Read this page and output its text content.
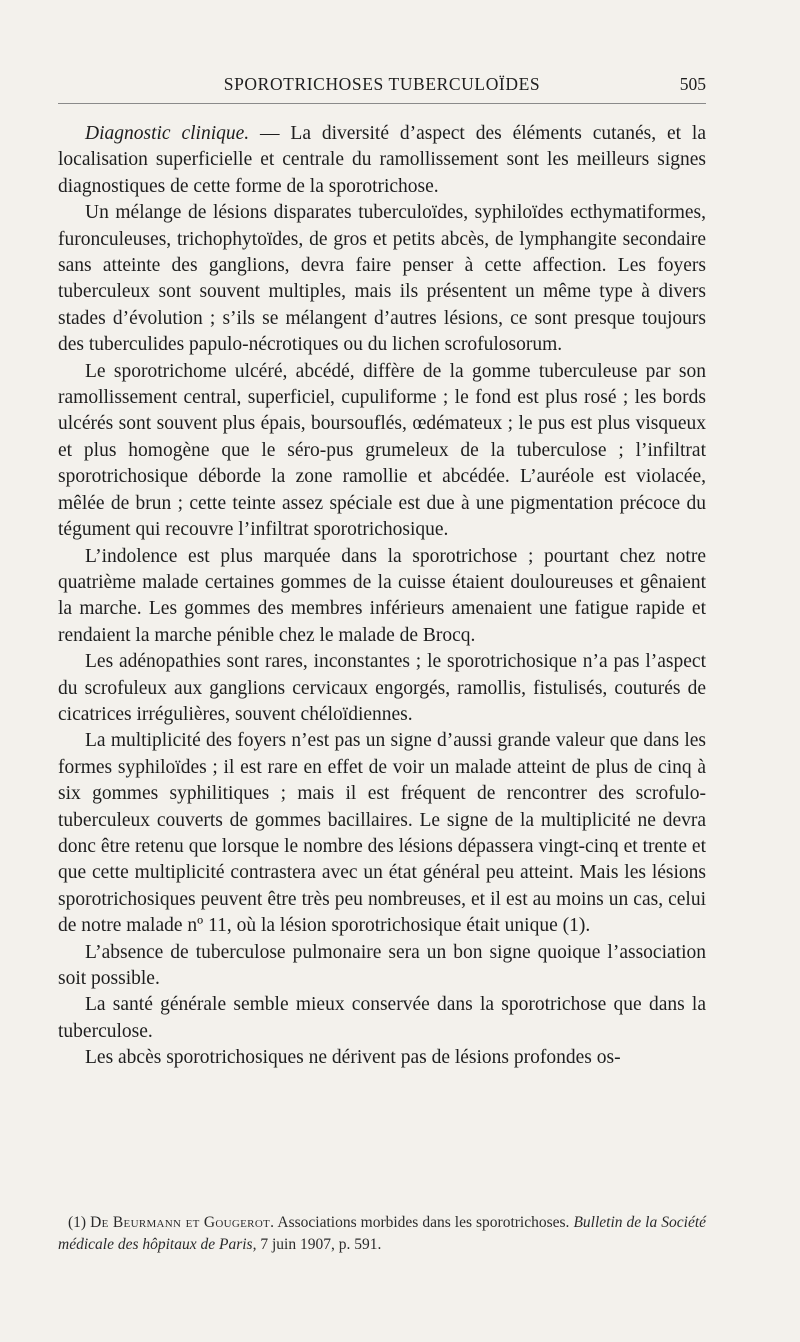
SPOROTRICHOSES TUBERCULOÏDES	505

Diagnostic clinique. — La diversité d’aspect des éléments cutanés, et la localisation superficielle et centrale du ramollissement sont les meilleurs signes diagnostiques de cette forme de la sporotrichose.

Un mélange de lésions disparates tuberculoïdes, syphiloïdes ecthymatiformes, furonculeuses, trichophytoïdes, de gros et petits abcès, de lymphangite secondaire sans atteinte des ganglions, devra faire penser à cette affection. Les foyers tuberculeux sont souvent multiples, mais ils présentent un même type à divers stades d’évolution ; s’ils se mélangent d’autres lésions, ce sont presque toujours des tuberculides papulo-nécrotiques ou du lichen scrofulosorum.

Le sporotrichome ulcéré, abcédé, diffère de la gomme tuberculeuse par son ramollissement central, superficiel, cupuliforme ; le fond est plus rosé ; les bords ulcérés sont souvent plus épais, boursouflés, œdémateux ; le pus est plus visqueux et plus homogène que le séro-pus grumeleux de la tuberculose ; l’infiltrat sporotrichosique déborde la zone ramollie et abcédée. L’auréole est violacée, mêlée de brun ; cette teinte assez spéciale est due à une pigmentation précoce du tégument qui recouvre l’infiltrat sporotrichosique.

L’indolence est plus marquée dans la sporotrichose ; pourtant chez notre quatrième malade certaines gommes de la cuisse étaient douloureuses et gênaient la marche. Les gommes des membres inférieurs amenaient une fatigue rapide et rendaient la marche pénible chez le malade de Brocq.

Les adénopathies sont rares, inconstantes ; le sporotrichosique n’a pas l’aspect du scrofuleux aux ganglions cervicaux engorgés, ramollis, fistulisés, couturés de cicatrices irrégulières, souvent chéloïdiennes.

La multiplicité des foyers n’est pas un signe d’aussi grande valeur que dans les formes syphiloïdes ; il est rare en effet de voir un malade atteint de plus de cinq à six gommes syphilitiques ; mais il est fréquent de rencontrer des scrofulo-tuberculeux couverts de gommes bacillaires. Le signe de la multiplicité ne devra donc être retenu que lorsque le nombre des lésions dépassera vingt-cinq et trente et que cette multiplicité contrastera avec un état général peu atteint. Mais les lésions sporotrichosiques peuvent être très peu nombreuses, et il est au moins un cas, celui de notre malade nº 11, où la lésion sporotrichosique était unique (1).

L’absence de tuberculose pulmonaire sera un bon signe quoique l’association soit possible.

La santé générale semble mieux conservée dans la sporotrichose que dans la tuberculose.

Les abcès sporotrichosiques ne dérivent pas de lésions profondes os-

(1) De Beurmann et Gougerot. Associations morbides dans les sporotrichoses. Bulletin de la Société médicale des hôpitaux de Paris, 7 juin 1907, p. 591.
